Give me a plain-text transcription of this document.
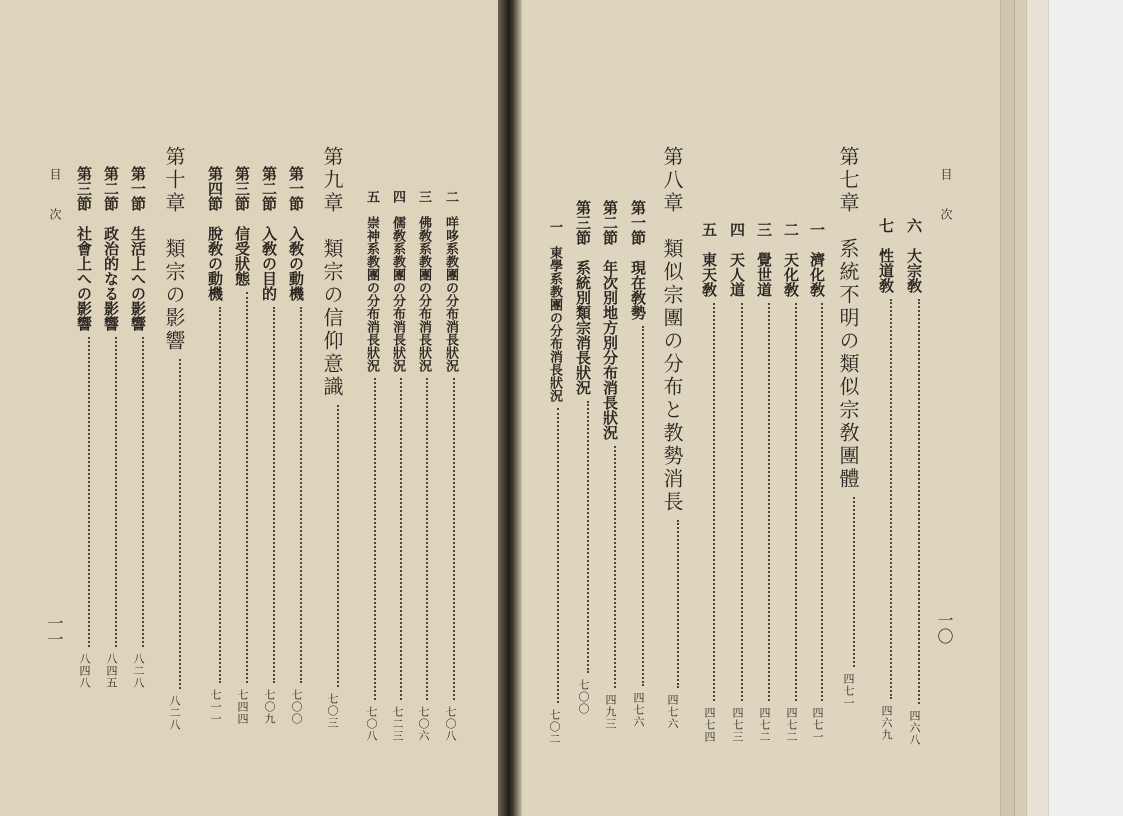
目　次
一〇
六　大宗敎四六八
七　性道敎四六九
第七章　系統不明の類似宗敎團體四七一
一　濟化敎四七一
二　天化敎四七二
三　覺世道四七二
四　天人道四七三
五　東天敎四七四
第八章　類似宗團の分布と教勢消長四七六
第一節　現在敎勢四七六
第二節　年次別地方別分布消長狀況四九三
第三節　系統別類宗消長狀況七〇〇
一　東學系教團の分布消長狀況七〇二
二　咩哆系教團の分布消長狀況七〇八
三　佛敎系教團の分布消長狀況七〇六
四　儒敎系教團の分布消長狀況七二三
五　崇神系教團の分布消長狀況七〇八
第九章　類宗の信仰意識七〇三
第一節　入敎の動機七〇〇
第二節　入敎の目的七〇九
第三節　信受狀態七四四
第四節　脫敎の動機七一一
第十章　類宗の影響八二八
第一節　生活上への影響八二八
第二節　政治的なる影響八四五
第三節　社會上への影響八四八
目　次
一一
